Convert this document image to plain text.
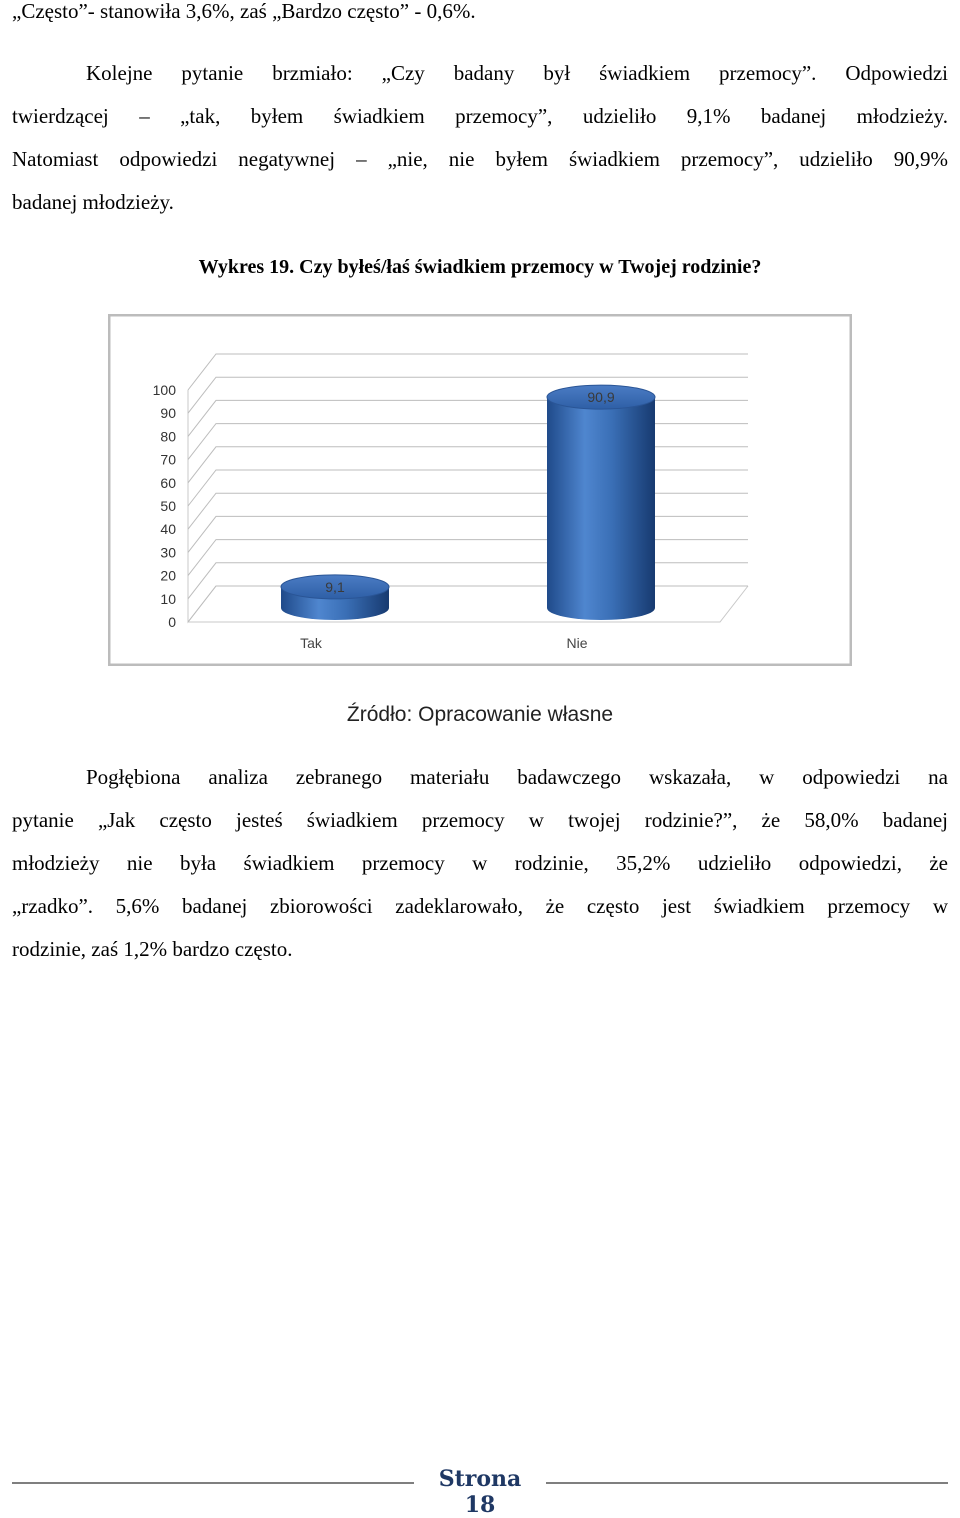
„Często”- stanowiła 3,6%, zaś „Bardzo często” - 0,6%.
Kolejne pytanie brzmiało: „Czy badany był świadkiem przemocy”. Odpowiedzi
twierdzącej – „tak, byłem świadkiem przemocy”, udzieliło 9,1% badanej młodzieży.
Natomiast odpowiedzi negatywnej – „nie, nie byłem świadkiem przemocy”, udzieliło 90,9%
badanej młodzieży.
Wykres 19. Czy byłeś/łaś świadkiem przemocy w Twojej rodzinie?
0
10
20
30
40
50
60
70
80
90
100
9,1
Tak
90,9
Nie
Źródło: Opracowanie własne
Pogłębiona analiza zebranego materiału badawczego wskazała, w odpowiedzi na
pytanie „Jak często jesteś świadkiem przemocy w twojej rodzinie?”, że 58,0% badanej
młodzieży nie była świadkiem przemocy w rodzinie, 35,2% udzieliło odpowiedzi, że
„rzadko”. 5,6% badanej zbiorowości zadeklarowało, że często jest świadkiem przemocy w
rodzinie, zaś 1,2% bardzo często.
Strona 18
